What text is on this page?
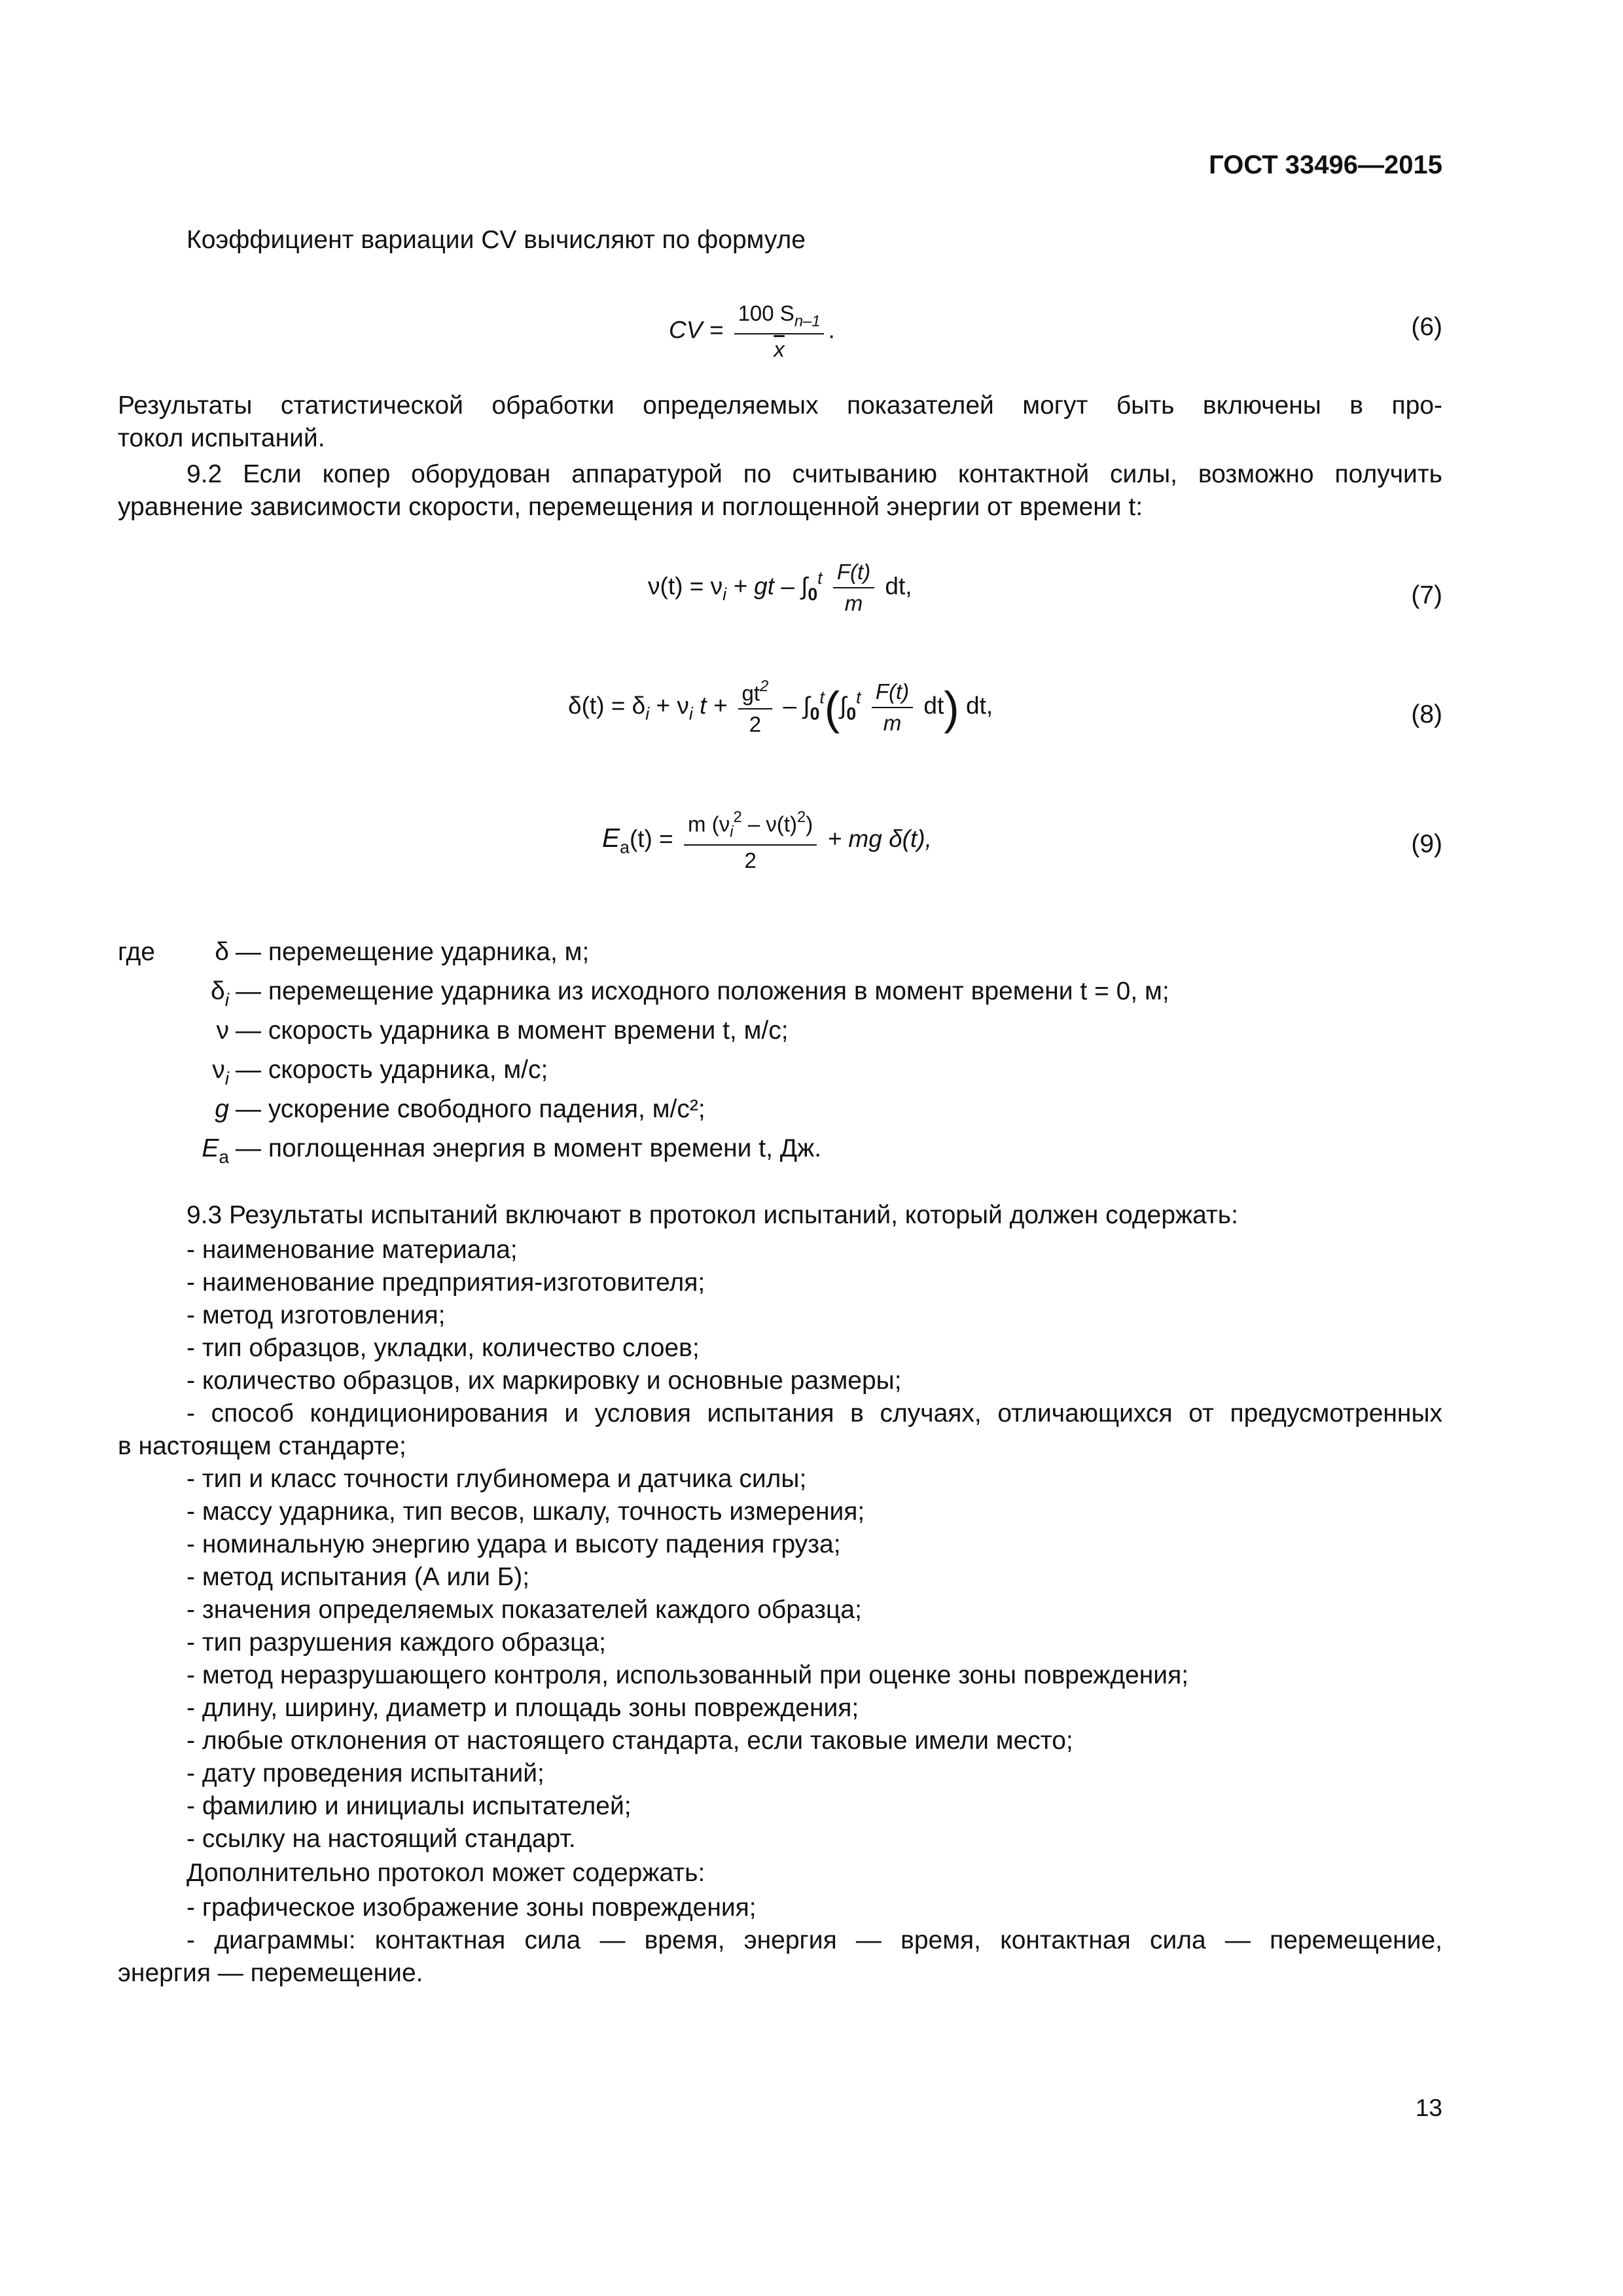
ГОСТ 33496—2015
Коэффициент вариации CV вычисляют по формуле
CV = $\frac{100 S_{n-1}}{x}$ .	(6)
Результаты статистической обработки определяемых показателей могут быть включены в про-
токол испытаний.
9.2 Если копер оборудован аппаратурой по считыванию контактной силы, возможно получить
уравнение зависимости скорости, перемещения и поглощенной энергии от времени t:
$\nu(t) = \nu_i$ + gt – $\int_0^t \frac{F(t)}{m}$ dt,	(7)
$\delta(t) = \delta_i + \nu_i$ $t + \frac{gt^2}{2} - \int_0^t(\int_0^t \frac{F(t)}{m} dt)$ dt,	(8)
$E_a(t) = \frac{m (\nu_i^2 - \nu(t)^2)}{2}$ + mg δ(t),	(9)
где	δ — перемещение ударника, м;
$\delta_i$ — перемещение ударника из исходного положения в момент времени t = 0, м;
ν — скорость ударника в момент времени t, м/с;
$\nu_i$ — скорость ударника, м/с;
g — ускорение свободного падения, м/с²;
$E_a$ — поглощенная энергия в момент времени t, Дж.
9.3 Результаты испытаний включают в протокол испытаний, который должен содержать:
- наименование материала;
- наименование предприятия-изготовителя;
- метод изготовления;
- тип образцов, укладки, количество слоев;
- количество образцов, их маркировку и основные размеры;
- способ кондиционирования и условия испытания в случаях, отличающихся от предусмотренных
в настоящем стандарте;
- тип и класс точности глубиномера и датчика силы;
- массу ударника, тип весов, шкалу, точность измерения;
- номинальную энергию удара и высоту падения груза;
- метод испытания (А или Б);
- значения определяемых показателей каждого образца;
- тип разрушения каждого образца;
- метод неразрушающего контроля, использованный при оценке зоны повреждения;
- длину, ширину, диаметр и площадь зоны повреждения;
- любые отклонения от настоящего стандарта, если таковые имели место;
- дату проведения испытаний;
- фамилию и инициалы испытателей;
- ссылку на настоящий стандарт.
Дополнительно протокол может содержать:
- графическое изображение зоны повреждения;
- диаграммы: контактная сила — время, энергия — время, контактная сила — перемещение,
энергия — перемещение.
13
